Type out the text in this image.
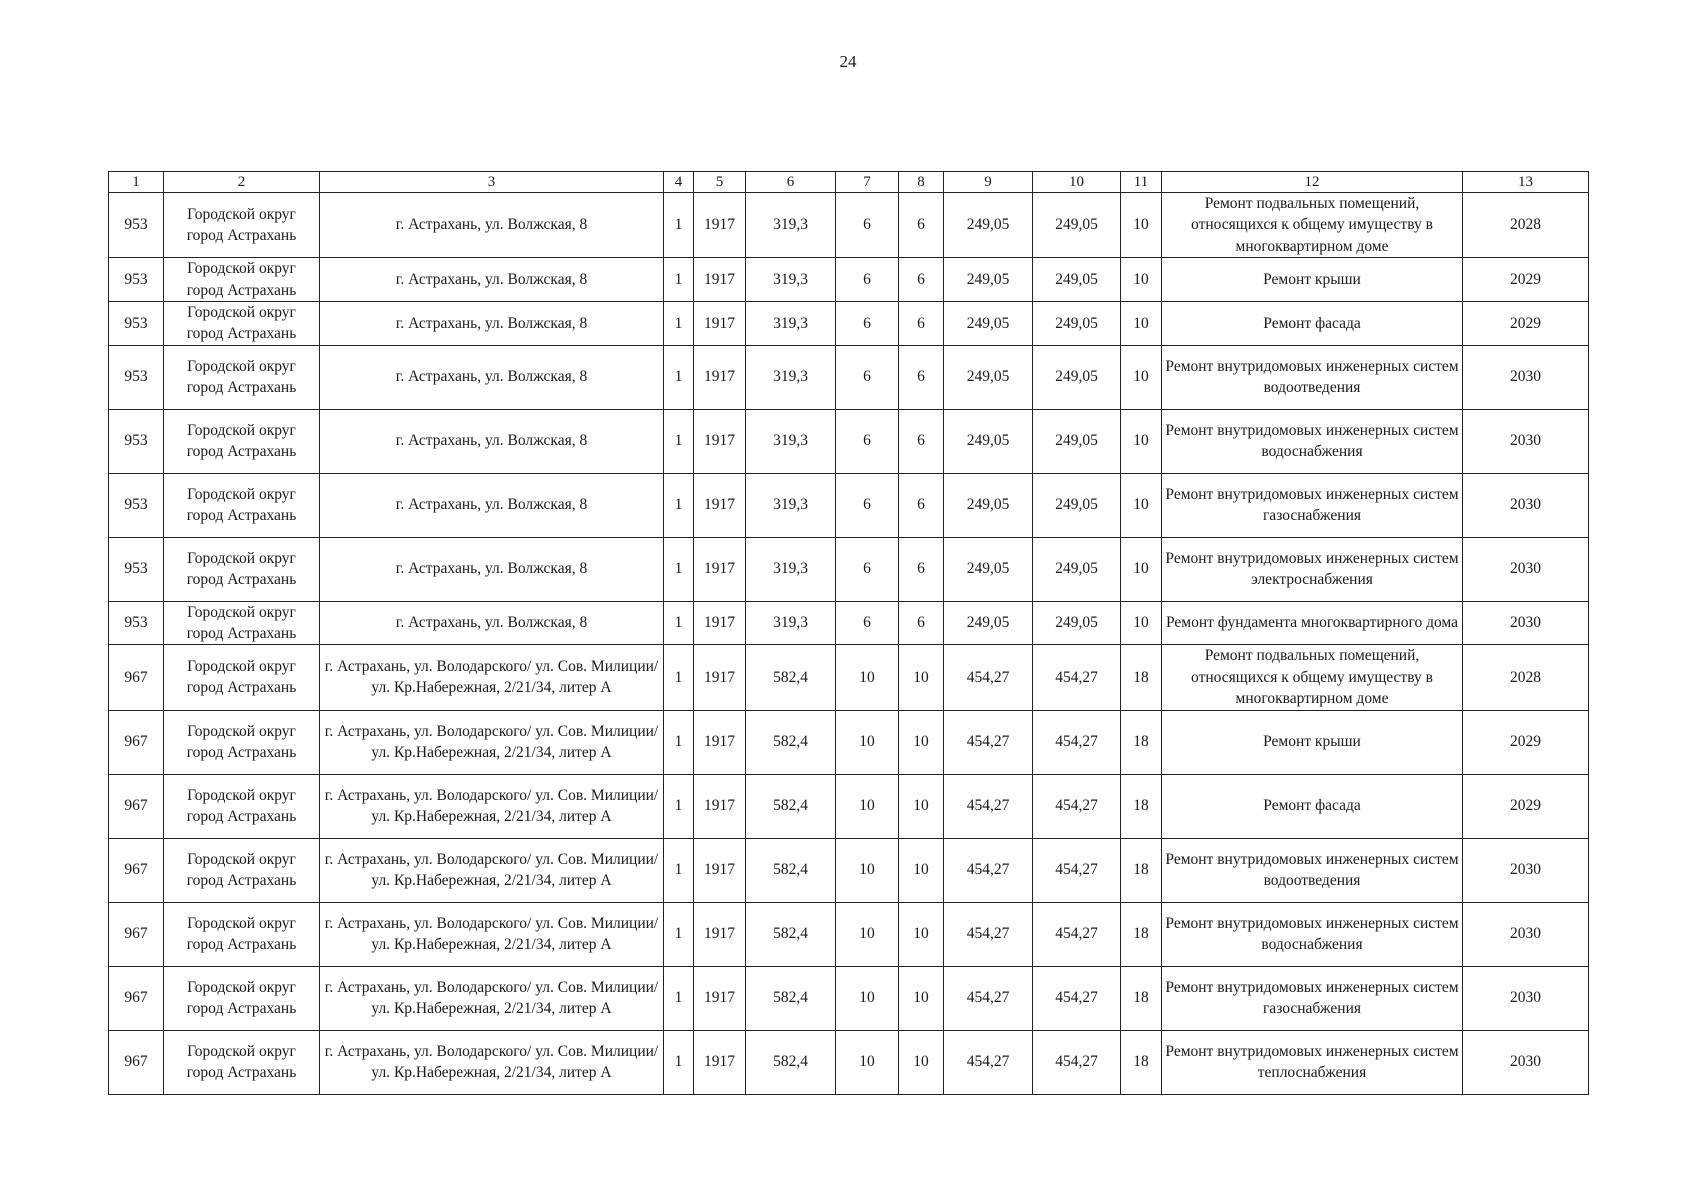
24
1	2	3	4	5	6	7	8	9	10	11	12	13
953	Городской округ город Астрахань	г. Астрахань, ул. Волжская, 8	1	1917	319,3	6	6	249,05	249,05	10	Ремонт подвальных помещений, относящихся к общему имуществу в многоквартирном доме	2028
953	Городской округ город Астрахань	г. Астрахань, ул. Волжская, 8	1	1917	319,3	6	6	249,05	249,05	10	Ремонт крыши	2029
953	Городской округ город Астрахань	г. Астрахань, ул. Волжская, 8	1	1917	319,3	6	6	249,05	249,05	10	Ремонт фасада	2029
953	Городской округ город Астрахань	г. Астрахань, ул. Волжская, 8	1	1917	319,3	6	6	249,05	249,05	10	Ремонт внутридомовых инженерных систем водоотведения	2030
953	Городской округ город Астрахань	г. Астрахань, ул. Волжская, 8	1	1917	319,3	6	6	249,05	249,05	10	Ремонт внутридомовых инженерных систем водоснабжения	2030
953	Городской округ город Астрахань	г. Астрахань, ул. Волжская, 8	1	1917	319,3	6	6	249,05	249,05	10	Ремонт внутридомовых инженерных систем газоснабжения	2030
953	Городской округ город Астрахань	г. Астрахань, ул. Волжская, 8	1	1917	319,3	6	6	249,05	249,05	10	Ремонт внутридомовых инженерных систем электроснабжения	2030
953	Городской округ город Астрахань	г. Астрахань, ул. Волжская, 8	1	1917	319,3	6	6	249,05	249,05	10	Ремонт фундамента многоквартирного дома	2030
967	Городской округ город Астрахань	г. Астрахань, ул. Володарского/ ул. Сов. Милиции/ ул. Кр.Набережная, 2/21/34, литер А	1	1917	582,4	10	10	454,27	454,27	18	Ремонт подвальных помещений, относящихся к общему имуществу в многоквартирном доме	2028
967	Городской округ город Астрахань	г. Астрахань, ул. Володарского/ ул. Сов. Милиции/ ул. Кр.Набережная, 2/21/34, литер А	1	1917	582,4	10	10	454,27	454,27	18	Ремонт крыши	2029
967	Городской округ город Астрахань	г. Астрахань, ул. Володарского/ ул. Сов. Милиции/ ул. Кр.Набережная, 2/21/34, литер А	1	1917	582,4	10	10	454,27	454,27	18	Ремонт фасада	2029
967	Городской округ город Астрахань	г. Астрахань, ул. Володарского/ ул. Сов. Милиции/ ул. Кр.Набережная, 2/21/34, литер А	1	1917	582,4	10	10	454,27	454,27	18	Ремонт внутридомовых инженерных систем водоотведения	2030
967	Городской округ город Астрахань	г. Астрахань, ул. Володарского/ ул. Сов. Милиции/ ул. Кр.Набережная, 2/21/34, литер А	1	1917	582,4	10	10	454,27	454,27	18	Ремонт внутридомовых инженерных систем водоснабжения	2030
967	Городской округ город Астрахань	г. Астрахань, ул. Володарского/ ул. Сов. Милиции/ ул. Кр.Набережная, 2/21/34, литер А	1	1917	582,4	10	10	454,27	454,27	18	Ремонт внутридомовых инженерных систем газоснабжения	2030
967	Городской округ город Астрахань	г. Астрахань, ул. Володарского/ ул. Сов. Милиции/ ул. Кр.Набережная, 2/21/34, литер А	1	1917	582,4	10	10	454,27	454,27	18	Ремонт внутридомовых инженерных систем теплоснабжения	2030
